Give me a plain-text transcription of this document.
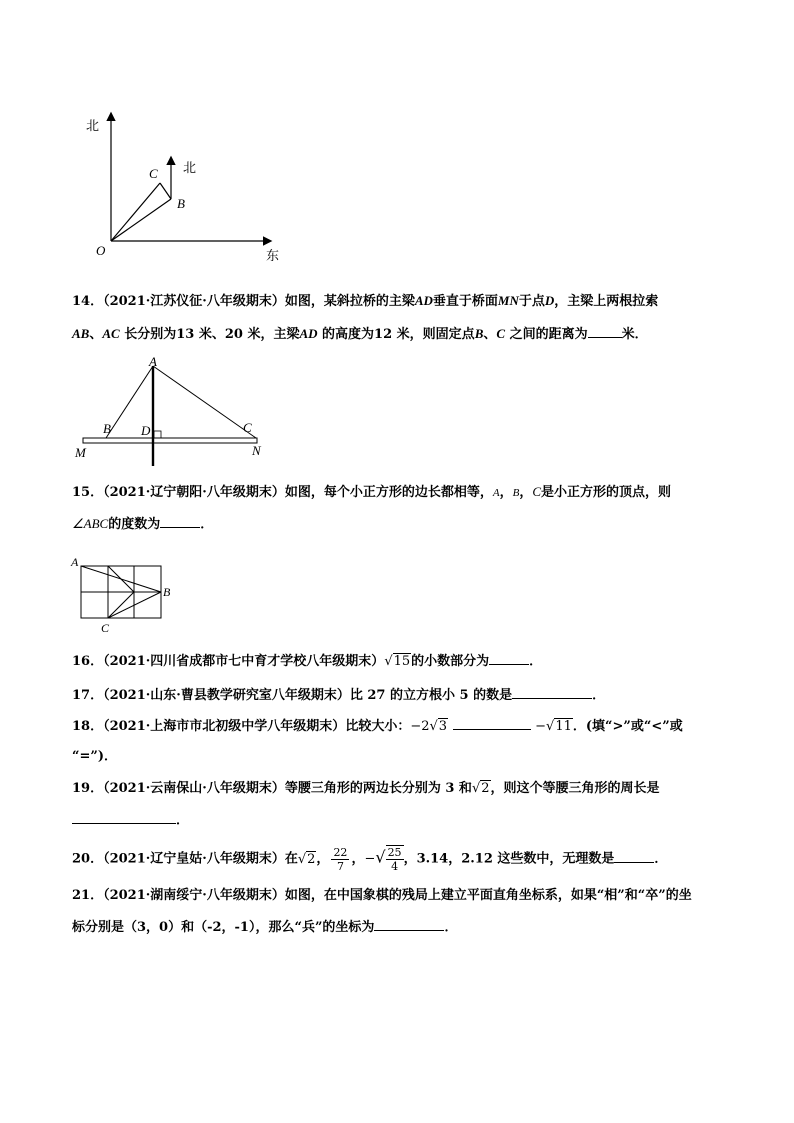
北
北
东
O
B
C
14．（2021·江苏仪征·八年级期末）如图，某斜拉桥的主梁AD垂直于桥面MN于点D，主梁上两根拉索
AB、AC 长分别为13 米、20 米，主梁AD 的高度为12 米，则固定点B、C 之间的距离为	米．
A
B	C
D
M	N
15．（2021·辽宁朝阳·八年级期末）如图，每个小正方形的边长都相等，A，B，C是小正方形的顶点，则
∠ABC的度数为	．
A
B
C
16．（2021·四川省成都市七中育才学校八年级期末）√15的小数部分为	．
17．（2021·山东·曹县教学研究室八年级期末）比 27 的立方根小 5 的数是	．
18．（2021·上海市市北初级中学八年级期末）比较大小：−2√3	−√11．(填“>”或“<”或
“=”)．
19．（2021·云南保山·八年级期末）等腰三角形的两边长分别为 3 和√2，则这个等腰三角形的周长是
．
20．（2021·辽宁皇姑·八年级期末）在√2， $\frac{22}{7}$ ，−√ $\frac{25}{4}$ ，3.14，2.12 这些数中，无理数是	．
21．（2021·湖南绥宁·八年级期末）如图，在中国象棋的残局上建立平面直角坐标系，如果“相”和“卒”的坐
标分别是（3，0）和（-2，-1），那么“兵”的坐标为	．
